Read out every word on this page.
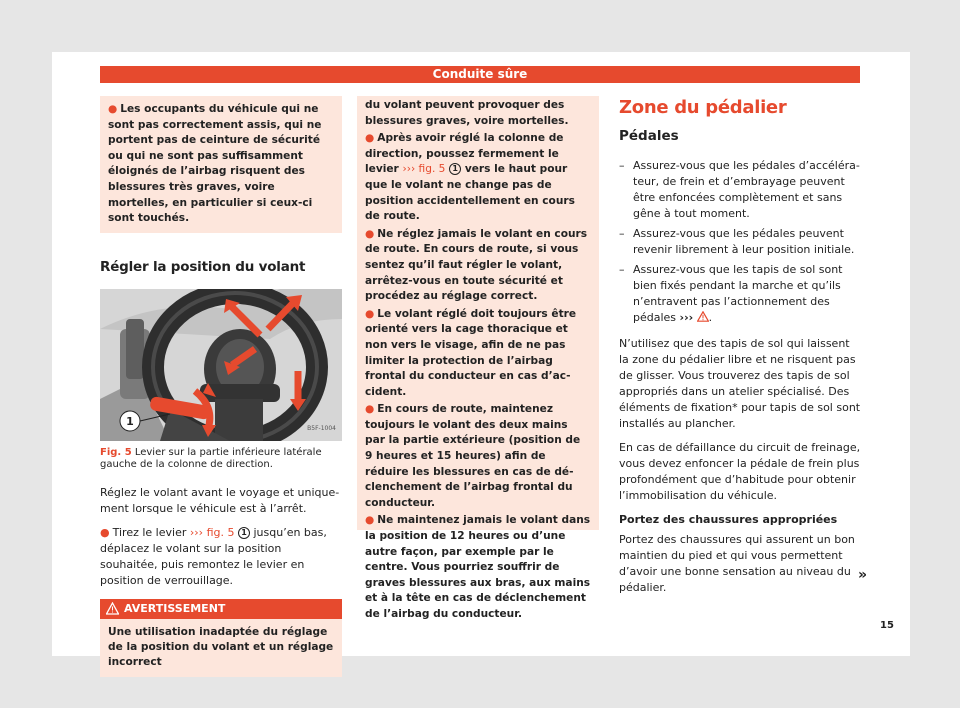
Conduite sûre
● Les occupants du véhicule qui ne sont pas correctement assis, qui ne portent pas de ceinture de sécurité ou qui ne sont pas suffisamment éloignés de l’airbag risquent des blessures très graves, voire mortelles, en particulier si ceux-ci sont touchés.
Régler la position du volant
1
B5F-1004
Fig. 5 Levier sur la partie inférieure latérale gauche de la colonne de direction.
Réglez le volant avant le voyage et uniquement lorsque le véhicule est à l’arrêt.
● Tirez le levier ››› fig. 5 1 jusqu’en bas, déplacez le volant sur la position souhaitée, puis remontez le levier en position de verrouillage.
AVERTISSEMENT
Une utilisation inadaptée du réglage de la position du volant et un réglage incorrect
du volant peuvent provoquer des blessures graves, voire mortelles.
● Après avoir réglé la colonne de direction, poussez fermement le levier ››› fig. 5 1 vers le haut pour que le volant ne change pas de position accidentellement en cours de route.
● Ne réglez jamais le volant en cours de route. En cours de route, si vous sentez qu’il faut régler le volant, arrêtez-vous en toute sécurité et procédez au réglage correct.
● Le volant réglé doit toujours être orienté vers la cage thoracique et non vers le visage, afin de ne pas limiter la protection de l’airbag frontal du conducteur en cas d’accident.
● En cours de route, maintenez toujours le volant des deux mains par la partie extérieure (position de 9 heures et 15 heures) afin de réduire les blessures en cas de déclenchement de l’airbag frontal du conducteur.
● Ne maintenez jamais le volant dans la position de 12 heures ou d’une autre façon, par exemple par le centre. Vous pourriez souffrir de graves blessures aux bras, aux mains et à la tête en cas de déclenchement de l’airbag du conducteur.
Zone du pédalier
Pédales
– Assurez-vous que les pédales d’accélérateur, de frein et d’embrayage peuvent être enfoncées complètement et sans gêne à tout moment.
– Assurez-vous que les pédales peuvent revenir librement à leur position initiale.
– Assurez-vous que les tapis de sol sont bien fixés pendant la marche et qu’ils n’entravent pas l’actionnement des pédales ››› .
N’utilisez que des tapis de sol qui laissent la zone du pédalier libre et ne risquent pas de glisser. Vous trouverez des tapis de sol appropriés dans un atelier spécialisé. Des éléments de fixation* pour tapis de sol sont installés au plancher.
En cas de défaillance du circuit de freinage, vous devez enfoncer la pédale de frein plus profondément que d’habitude pour obtenir l’immobilisation du véhicule.
Portez des chaussures appropriées
Portez des chaussures qui assurent un bon maintien du pied et qui vous permettent d’avoir une bonne sensation au niveau du pédalier.
»
15
